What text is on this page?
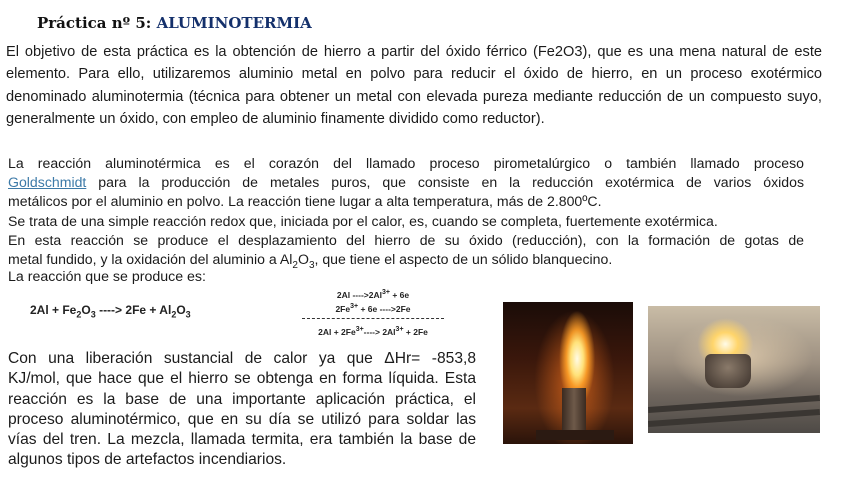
Práctica nº 5: ALUMINOTERMIA

El objetivo de esta práctica es la obtención de hierro a partir del óxido férrico (Fe2O3), que es una mena natural de este elemento. Para ello, utilizaremos aluminio metal en polvo para reducir el óxido de hierro, en un proceso exotérmico denominado aluminotermia (técnica para obtener un metal con elevada pureza mediante reducción de un compuesto suyo, generalmente un óxido, con empleo de aluminio finamente dividido como reductor).

La reacción aluminotérmica es el corazón del llamado proceso pirometalúrgico o también llamado proceso
Goldschmidt para la producción de metales puros, que consiste en la reducción exotérmica de varios óxidos
metálicos por el aluminio en polvo. La reacción tiene lugar a alta temperatura, más de 2.800ºC.
Se trata de una simple reacción redox que, iniciada por el calor, es, cuando se completa, fuertemente exotérmica.
En esta reacción se produce el desplazamiento del hierro de su óxido (reducción), con la formación de gotas de
metal fundido, y la oxidación del aluminio a $Al_2O_3$, que tiene el aspecto de un sólido blanquecino.

La reacción que se produce es:
$2Al + Fe_2O_3$ ----> $2Fe + Al_2O_3$
2Al $---->2Al^{3+} + 6e$
$2Fe^{3+} + 6e$ ---->2Fe
$2Al + 2Fe^{3+}----> 2Al^{3+} + 2Fe$

Con una liberación sustancial de calor ya que ΔHr= -853,8
KJ/mol, que hace que el hierro se obtenga en forma líquida. Esta
reacción es la base de una importante aplicación práctica, el
proceso aluminotérmico, que en su día se utilizó para soldar las
vías del tren. La mezcla, llamada termita, era también la base de
algunos tipos de artefactos incendiarios.
